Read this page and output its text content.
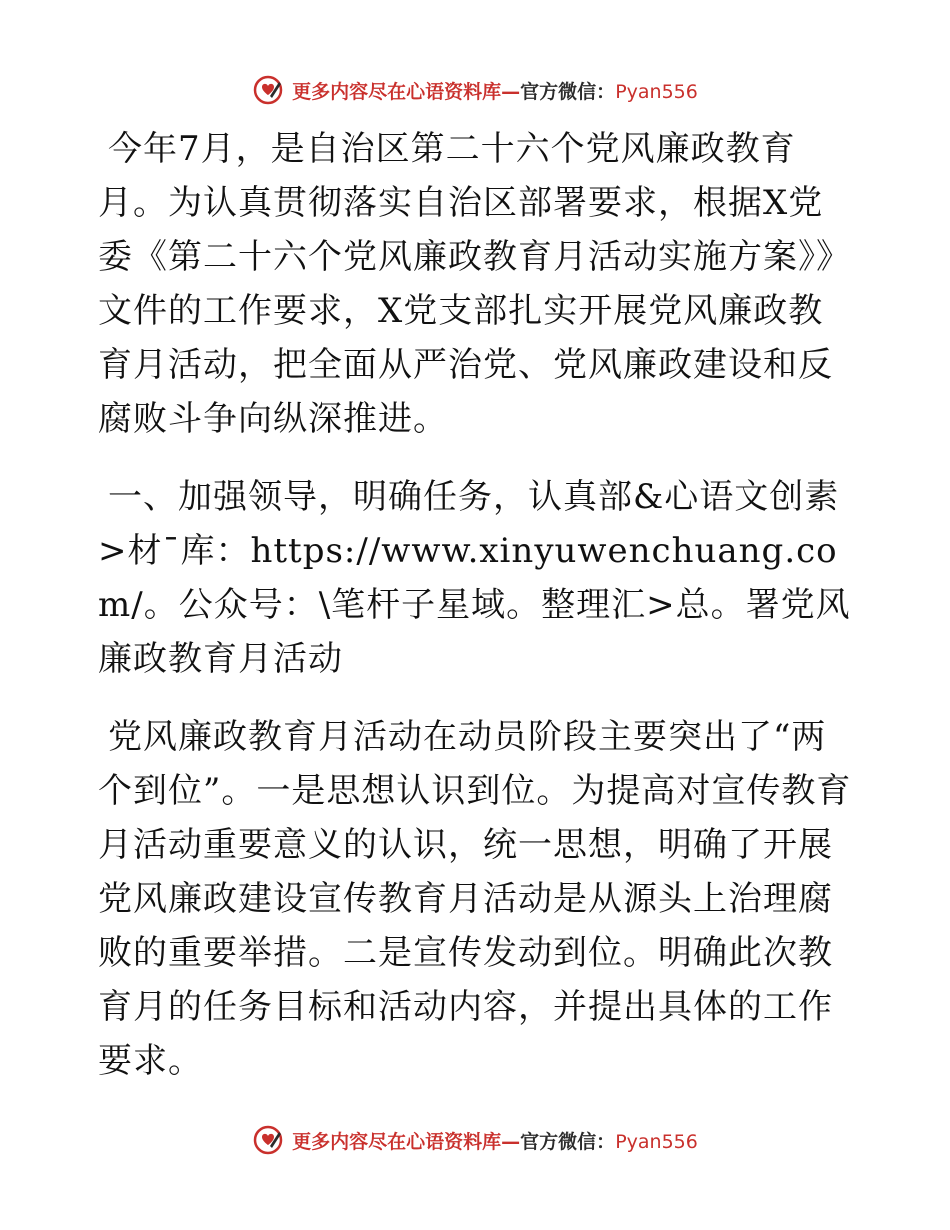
更多内容尽在心语资料库—官方微信：Pyan556

今年7月，是自治区第二十六个党风廉政教育月。为认真贯彻落实自治区部署要求，根据X党委《第二十六个党风廉政教育月活动实施方案》》文件的工作要求，X党支部扎实开展党风廉政教育月活动，把全面从严治党、党风廉政建设和反腐败斗争向纵深推进。

一、加强领导，明确任务，认真部&心语文创素>材¯库：https://www.xinyuwenchuang.com/。公众号：\笔杆子星域。整理汇>总。署党风廉政教育月活动

党风廉政教育月活动在动员阶段主要突出了“两个到位”。一是思想认识到位。为提高对宣传教育月活动重要意义的认识，统一思想，明确了开展党风廉政建设宣传教育月活动是从源头上治理腐败的重要举措。二是宣传发动到位。明确此次教育月的任务目标和活动内容，并提出具体的工作要求。

更多内容尽在心语资料库—官方微信：Pyan556
